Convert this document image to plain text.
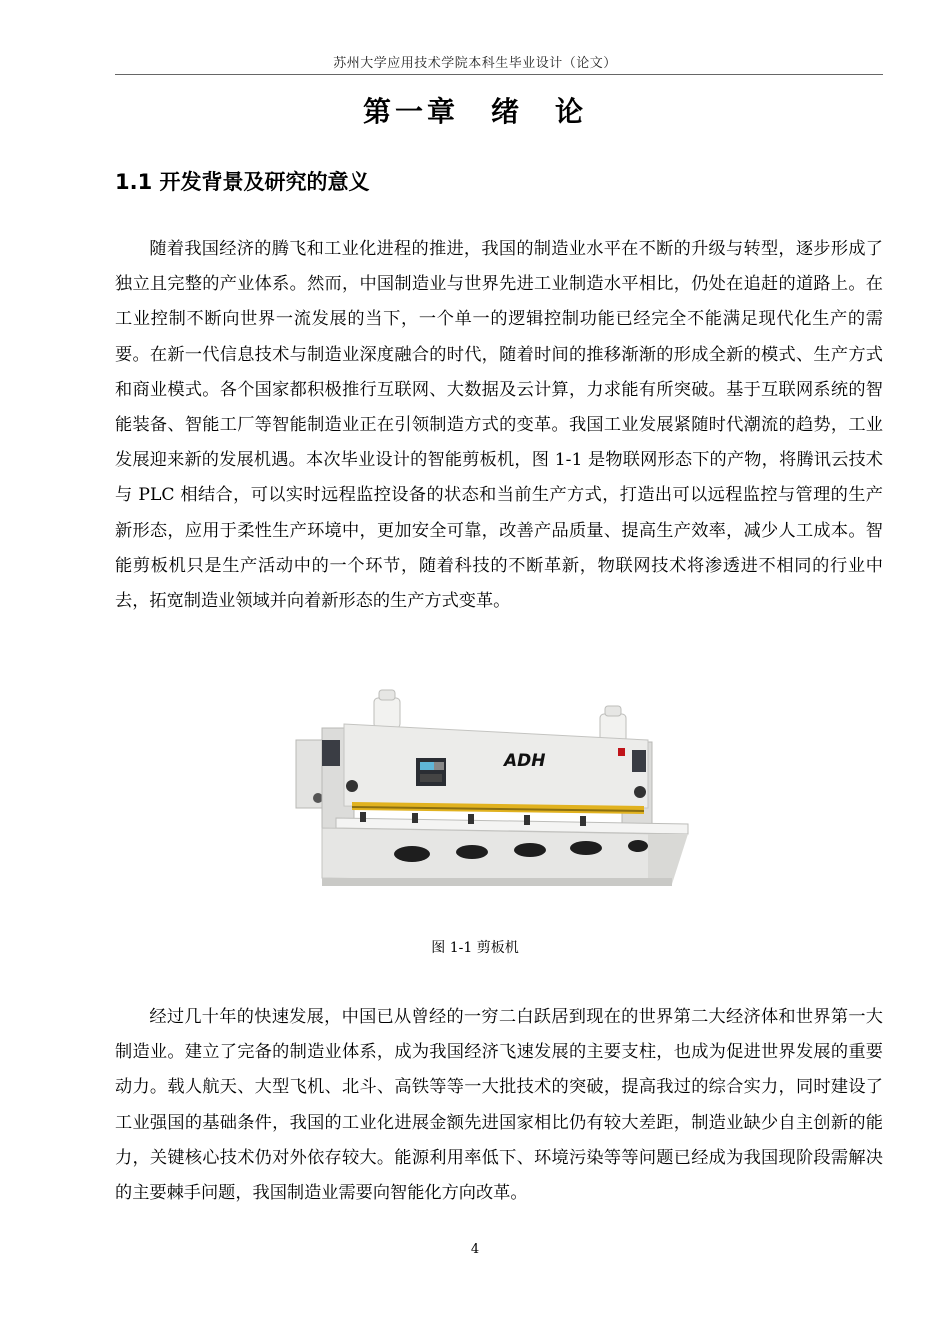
苏州大学应用技术学院本科生毕业设计（论文）
第一章　绪　论
1.1 开发背景及研究的意义

随着我国经济的腾飞和工业化进程的推进，我国的制造业水平在不断的升级与转型，逐步形成了独立且完整的产业体系。然而，中国制造业与世界先进工业制造水平相比，仍处在追赶的道路上。在工业控制不断向世界一流发展的当下，一个单一的逻辑控制功能已经完全不能满足现代化生产的需要。在新一代信息技术与制造业深度融合的时代，随着时间的推移渐渐的形成全新的模式、生产方式和商业模式。各个国家都积极推行互联网、大数据及云计算，力求能有所突破。基于互联网系统的智能装备、智能工厂等智能制造业正在引领制造方式的变革。我国工业发展紧随时代潮流的趋势，工业发展迎来新的发展机遇。本次毕业设计的智能剪板机，图 1-1 是物联网形态下的产物，将腾讯云技术与 PLC 相结合，可以实时远程监控设备的状态和当前生产方式，打造出可以远程监控与管理的生产新形态，应用于柔性生产环境中，更加安全可靠，改善产品质量、提高生产效率，减少人工成本。智能剪板机只是生产活动中的一个环节，随着科技的不断革新，物联网技术将渗透进不相同的行业中去，拓宽制造业领域并向着新形态的生产方式变革。

ADH
图 1-1 剪板机

经过几十年的快速发展，中国已从曾经的一穷二白跃居到现在的世界第二大经济体和世界第一大制造业。建立了完备的制造业体系，成为我国经济飞速发展的主要支柱，也成为促进世界发展的重要动力。载人航天、大型飞机、北斗、高铁等等一大批技术的突破，提高我过的综合实力，同时建设了工业强国的基础条件，我国的工业化进展金额先进国家相比仍有较大差距，制造业缺少自主创新的能力，关键核心技术仍对外依存较大。能源利用率低下、环境污染等等问题已经成为我国现阶段需解决的主要棘手问题，我国制造业需要向智能化方向改革。

4
